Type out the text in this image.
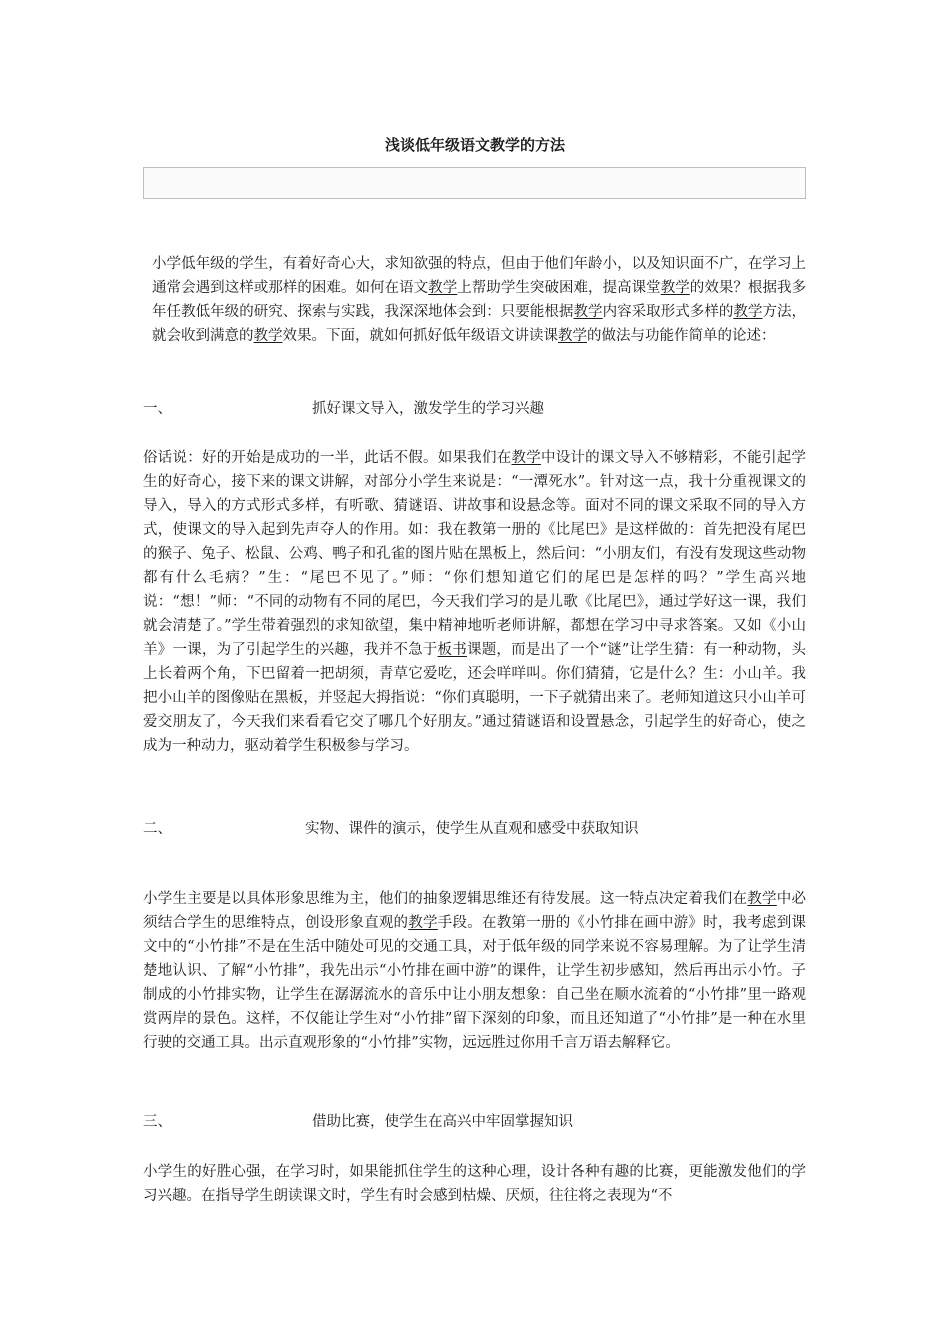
浅谈低年级语文教学的方法

小学低年级的学生，有着好奇心大，求知欲强的特点，但由于他们年龄小，以及知识面不广，在学习上通常会遇到这样或那样的困难。如何在语文教学上帮助学生突破困难，提高课堂教学的效果？根据我多年任教低年级的研究、探索与实践，我深深地体会到：只要能根据教学内容采取形式多样的教学方法，就会收到满意的教学效果。下面，就如何抓好低年级语文讲读课教学的做法与功能作简单的论述：

一、	抓好课文导入，激发学生的学习兴趣

俗话说：好的开始是成功的一半，此话不假。如果我们在教学中设计的课文导入不够精彩，不能引起学生的好奇心，接下来的课文讲解，对部分小学生来说是：“一潭死水”。针对这一点，我十分重视课文的导入，导入的方式形式多样，有听歌、猜谜语、讲故事和设悬念等。面对不同的课文采取不同的导入方式，使课文的导入起到先声夺人的作用。如：我在教第一册的《比尾巴》是这样做的：首先把没有尾巴的猴子、兔子、松鼠、公鸡、鸭子和孔雀的图片贴在黑板上，然后问：“小朋友们，有没有发现这些动物都有什么毛病？”生：“尾巴不见了。”师：“你们想知道它们的尾巴是怎样的吗？”学生高兴地说：“想！”师：“不同的动物有不同的尾巴，今天我们学习的是儿歌《比尾巴》，通过学好这一课，我们就会清楚了。”学生带着强烈的求知欲望，集中精神地听老师讲解，都想在学习中寻求答案。又如《小山羊》一课，为了引起学生的兴趣，我并不急于板书课题，而是出了一个“谜”让学生猜：有一种动物，头上长着两个角，下巴留着一把胡须，青草它爱吃，还会咩咩叫。你们猜猜，它是什么？生：小山羊。我把小山羊的图像贴在黑板，并竖起大拇指说：“你们真聪明，一下子就猜出来了。老师知道这只小山羊可爱交朋友了，今天我们来看看它交了哪几个好朋友。”通过猜谜语和设置悬念，引起学生的好奇心，使之成为一种动力，驱动着学生积极参与学习。

二、	实物、课件的演示，使学生从直观和感受中获取知识

小学生主要是以具体形象思维为主，他们的抽象逻辑思维还有待发展。这一特点决定着我们在教学中必须结合学生的思维特点，创设形象直观的教学手段。在教第一册的《小竹排在画中游》时，我考虑到课文中的“小竹排”不是在生活中随处可见的交通工具，对于低年级的同学来说不容易理解。为了让学生清楚地认识、了解“小竹排”，我先出示“小竹排在画中游”的课件，让学生初步感知，然后再出示小竹。子制成的小竹排实物，让学生在潺潺流水的音乐中让小朋友想象：自己坐在顺水流着的“小竹排”里一路观赏两岸的景色。这样，不仅能让学生对“小竹排”留下深刻的印象，而且还知道了“小竹排”是一种在水里行驶的交通工具。出示直观形象的“小竹排”实物，远远胜过你用千言万语去解释它。

三、	借助比赛，使学生在高兴中牢固掌握知识

小学生的好胜心强，在学习时，如果能抓住学生的这种心理，设计各种有趣的比赛，更能激发他们的学习兴趣。在指导学生朗读课文时，学生有时会感到枯燥、厌烦，往往将之表现为“不
